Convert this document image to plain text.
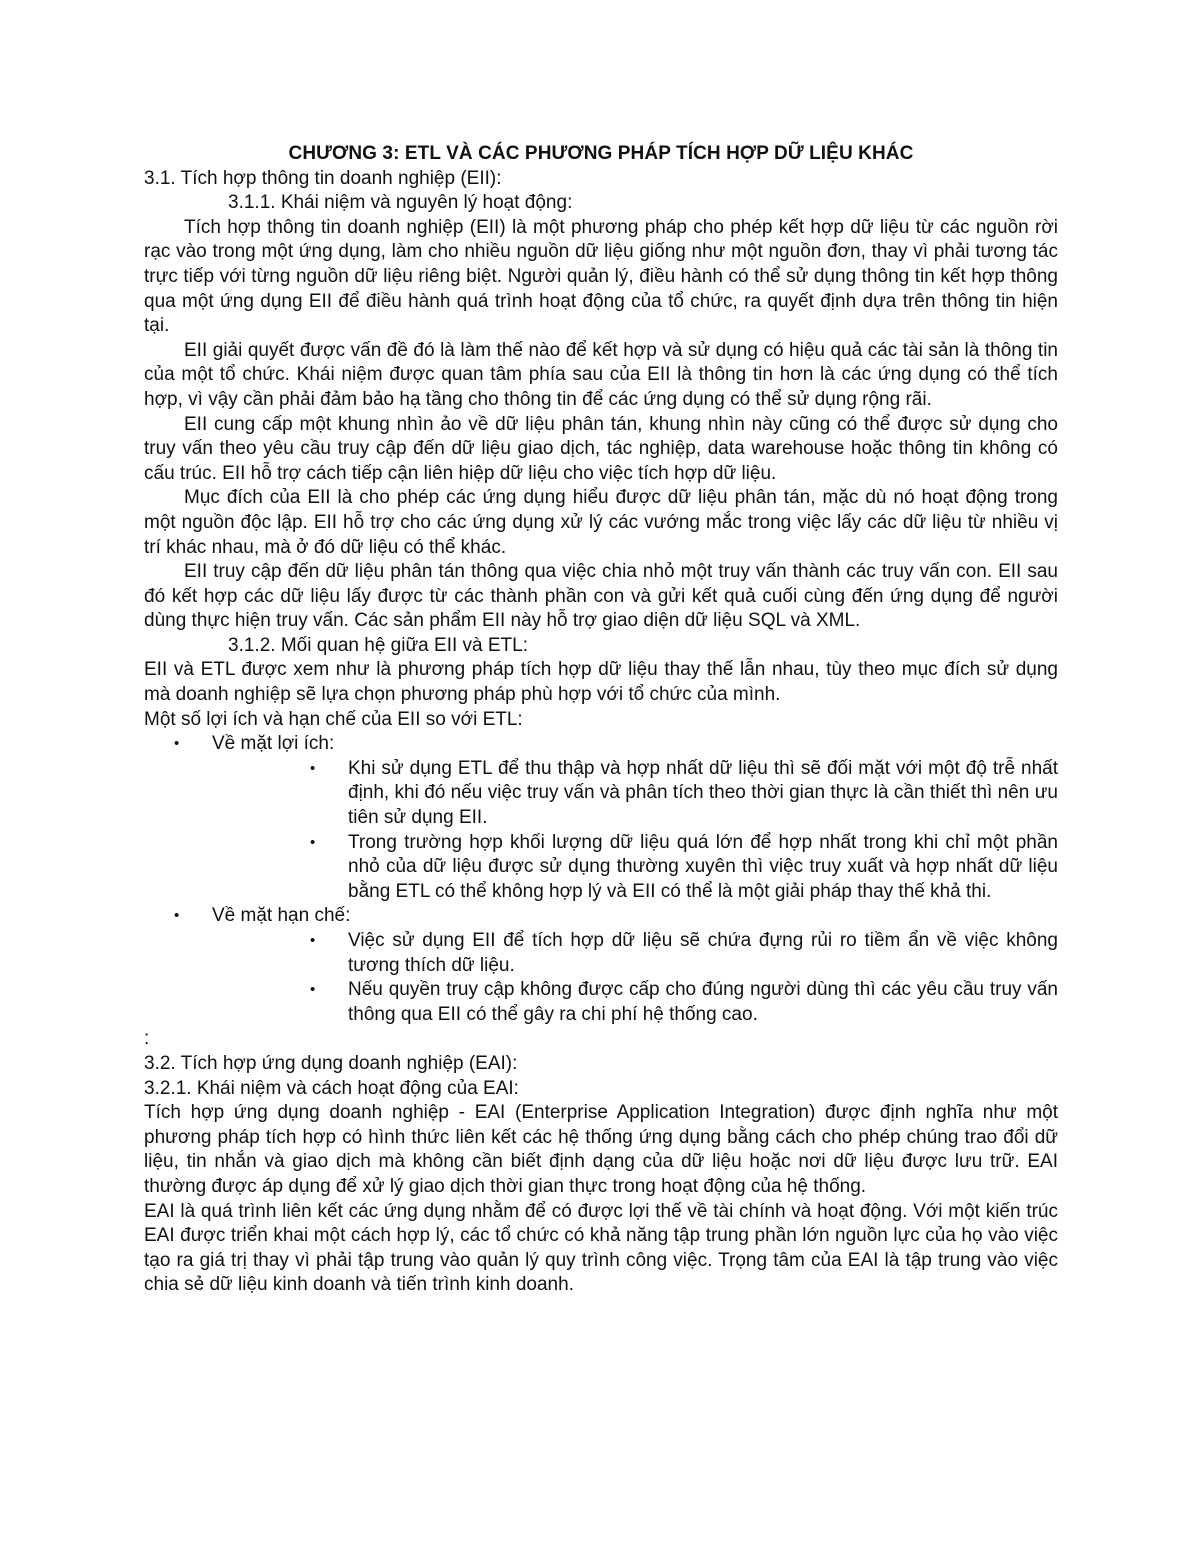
CHƯƠNG 3: ETL VÀ CÁC PHƯƠNG PHÁP TÍCH HỢP DỮ LIỆU KHÁC

3.1. Tích hợp thông tin doanh nghiệp (EII):

3.1.1. Khái niệm và nguyên lý hoạt động:

Tích hợp thông tin doanh nghiệp (EII) là một phương pháp cho phép kết hợp dữ liệu từ các nguồn rời rạc vào trong một ứng dụng, làm cho nhiều nguồn dữ liệu giống như một nguồn đơn, thay vì phải tương tác trực tiếp với từng nguồn dữ liệu riêng biệt. Người quản lý, điều hành có thể sử dụng thông tin kết hợp thông qua một ứng dụng EII để điều hành quá trình hoạt động của tổ chức, ra quyết định dựa trên thông tin hiện tại.

EII giải quyết được vấn đề đó là làm thế nào để kết hợp và sử dụng có hiệu quả các tài sản là thông tin của một tổ chức. Khái niệm được quan tâm phía sau của EII là thông tin hơn là các ứng dụng có thể tích hợp, vì vậy cần phải đảm bảo hạ tầng cho thông tin để các ứng dụng có thể sử dụng rộng rãi.

EII cung cấp một khung nhìn ảo về dữ liệu phân tán, khung nhìn này cũng có thể được sử dụng cho truy vấn theo yêu cầu truy cập đến dữ liệu giao dịch, tác nghiệp, data warehouse hoặc thông tin không có cấu trúc. EII hỗ trợ cách tiếp cận liên hiệp dữ liệu cho việc tích hợp dữ liệu.

Mục đích của EII là cho phép các ứng dụng hiểu được dữ liệu phân tán, mặc dù nó hoạt động trong một nguồn độc lập. EII hỗ trợ cho các ứng dụng xử lý các vướng mắc trong việc lấy các dữ liệu từ nhiều vị trí khác nhau, mà ở đó dữ liệu có thể khác.

EII truy cập đến dữ liệu phân tán thông qua việc chia nhỏ một truy vấn thành các truy vấn con. EII sau đó kết hợp các dữ liệu lấy được từ các thành phần con và gửi kết quả cuối cùng đến ứng dụng để người dùng thực hiện truy vấn. Các sản phẩm EII này hỗ trợ giao diện dữ liệu SQL và XML.

3.1.2. Mối quan hệ giữa EII và ETL:

EII và ETL được xem như là phương pháp tích hợp dữ liệu thay thế lẫn nhau, tùy theo mục đích sử dụng mà doanh nghiệp sẽ lựa chọn phương pháp phù hợp với tổ chức của mình.

Một số lợi ích và hạn chế của EII so với ETL:

• Về mặt lợi ích:
• Khi sử dụng ETL để thu thập và hợp nhất dữ liệu thì sẽ đối mặt với một độ trễ nhất định, khi đó nếu việc truy vấn và phân tích theo thời gian thực là cần thiết thì nên ưu tiên sử dụng EII.
• Trong trường hợp khối lượng dữ liệu quá lớn để hợp nhất trong khi chỉ một phần nhỏ của dữ liệu được sử dụng thường xuyên thì việc truy xuất và hợp nhất dữ liệu bằng ETL có thể không hợp lý và EII có thể là một giải pháp thay thế khả thi.
• Về mặt hạn chế:
• Việc sử dụng EII để tích hợp dữ liệu sẽ chứa đựng rủi ro tiềm ẩn về việc không tương thích dữ liệu.
• Nếu quyền truy cập không được cấp cho đúng người dùng thì các yêu cầu truy vấn thông qua EII có thể gây ra chi phí hệ thống cao.

:

3.2. Tích hợp ứng dụng doanh nghiệp (EAI):

3.2.1. Khái niệm và cách hoạt động của EAI:

Tích hợp ứng dụng doanh nghiệp - EAI (Enterprise Application Integration) được định nghĩa như một phương pháp tích hợp có hình thức liên kết các hệ thống ứng dụng bằng cách cho phép chúng trao đổi dữ liệu, tin nhắn và giao dịch mà không cần biết định dạng của dữ liệu hoặc nơi dữ liệu được lưu trữ. EAI thường được áp dụng để xử lý giao dịch thời gian thực trong hoạt động của hệ thống.

EAI là quá trình liên kết các ứng dụng nhằm để có được lợi thế về tài chính và hoạt động. Với một kiến trúc EAI được triển khai một cách hợp lý, các tổ chức có khả năng tập trung phần lớn nguồn lực của họ vào việc tạo ra giá trị thay vì phải tập trung vào quản lý quy trình công việc. Trọng tâm của EAI là tập trung vào việc chia sẻ dữ liệu kinh doanh và tiến trình kinh doanh.
